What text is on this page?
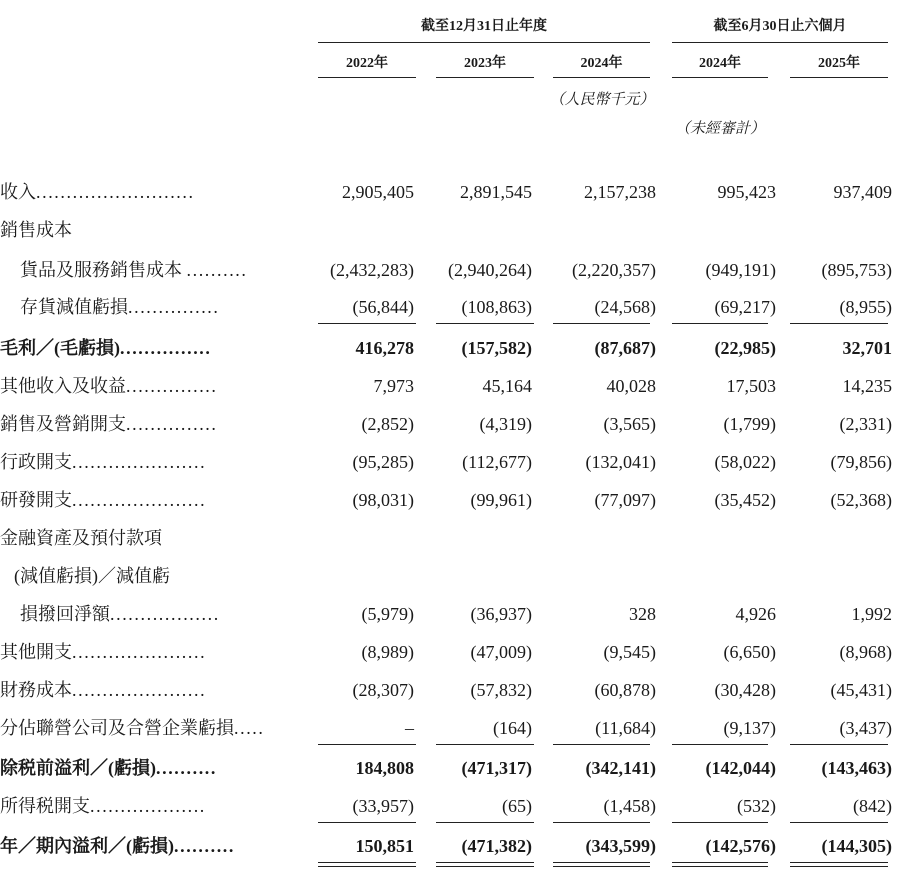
截至12月31日止年度	截至6月30日止六個月
2022年	2023年	2024年	2024年	2025年
（人民幣千元）
（未經審計）
收入..........................	2,905,405	2,891,545	2,157,238	995,423	937,409
銷售成本
貨品及服務銷售成本 ..........	(2,432,283) (2,940,264) (2,220,357)	(949,191)	(895,753)
存貨減值虧損...............	(56,844)	(108,863)	(24,568)	(69,217)	(8,955)
毛利／(毛虧損)...............	416,278	(157,582)	(87,687)	(22,985)	32,701
其他收入及收益...............	7,973	45,164	40,028	17,503	14,235
銷售及營銷開支...............	(2,852)	(4,319)	(3,565)	(1,799)	(2,331)
行政開支......................	(95,285)	(112,677)	(132,041)	(58,022)	(79,856)
研發開支......................	(98,031)	(99,961)	(77,097)	(35,452)	(52,368)
金融資產及預付款項
(減值虧損)／減值虧
損撥回淨額..................	(5,979)	(36,937)	328	4,926	1,992
其他開支......................	(8,989)	(47,009)	(9,545)	(6,650)	(8,968)
財務成本......................	(28,307)	(57,832)	(60,878)	(30,428)	(45,431)
分佔聯營公司及合營企業虧損.....	–	(164)	(11,684)	(9,137)	(3,437)
除税前溢利／(虧損)..........	184,808	(471,317)	(342,141)	(142,044)	(143,463)
所得税開支...................	(33,957)	(65)	(1,458)	(532)	(842)
年／期內溢利／(虧損)..........	150,851	(471,382)	(343,599)	(142,576)	(144,305)
